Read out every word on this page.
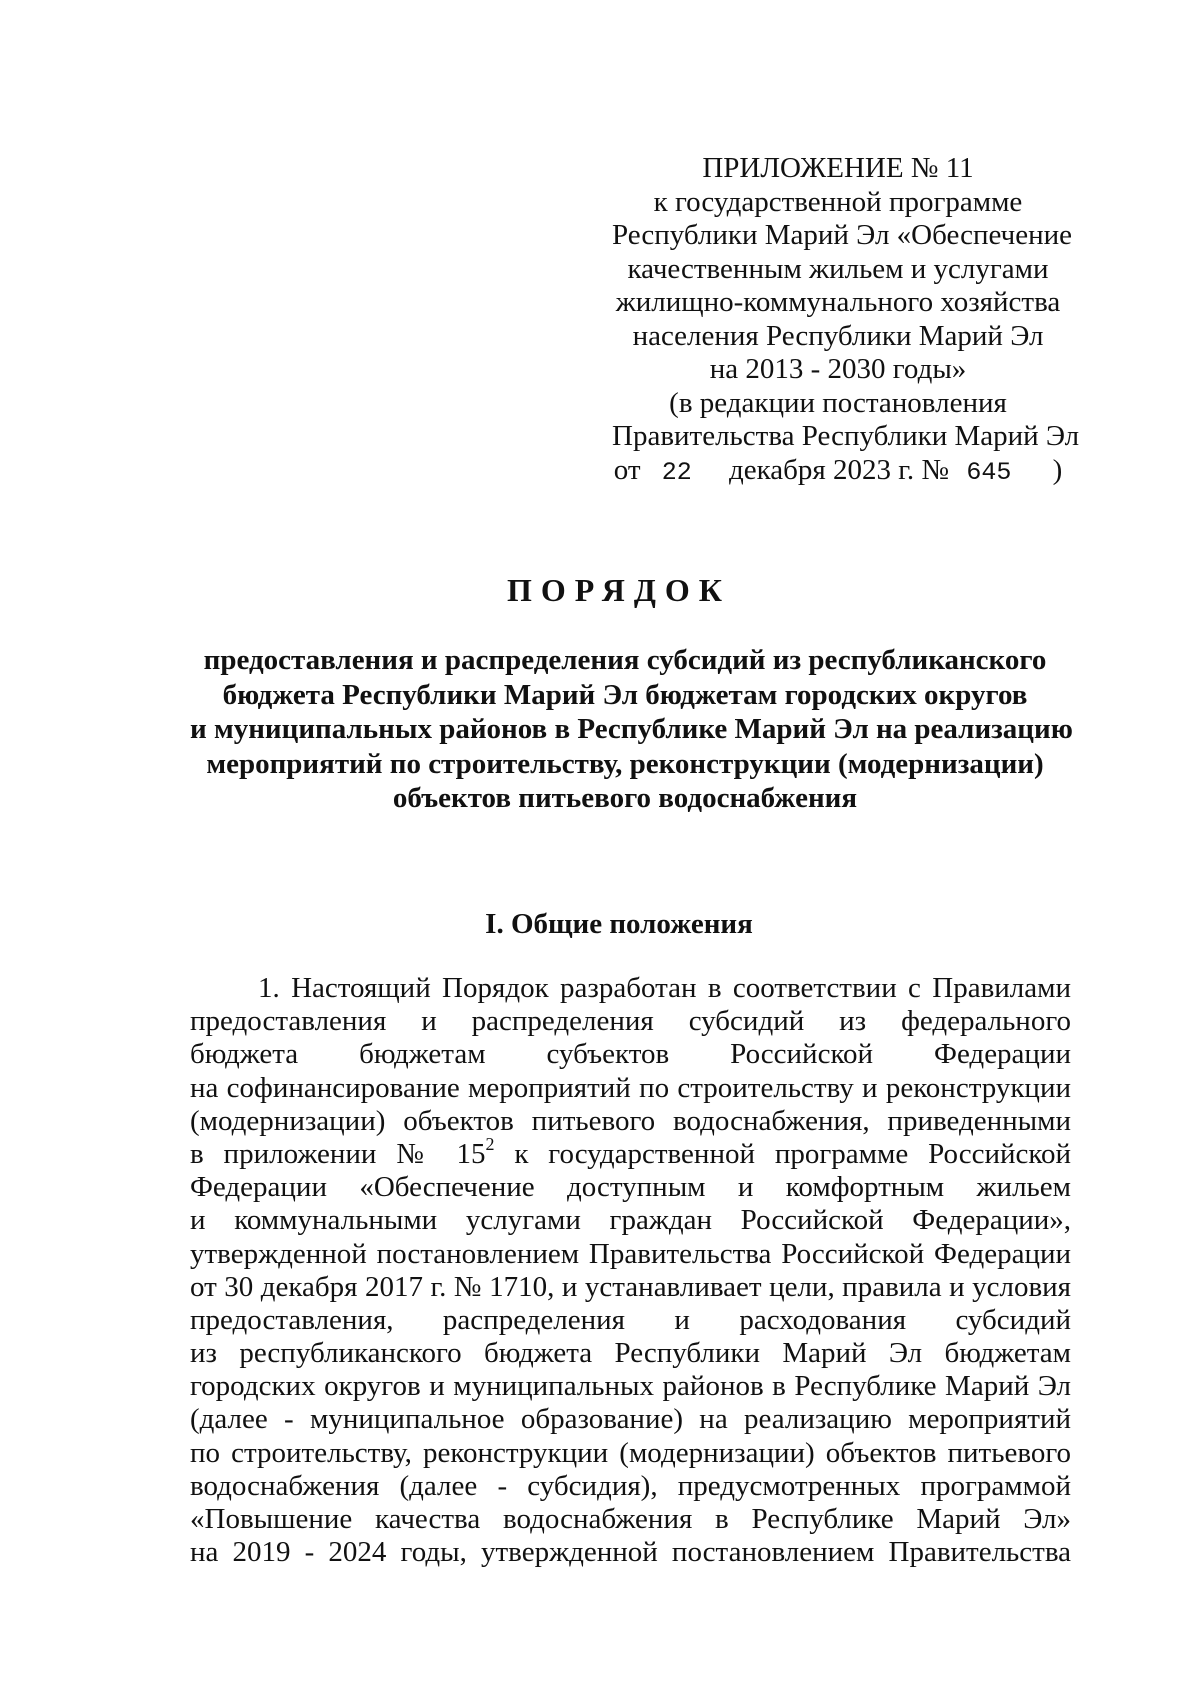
ПРИЛОЖЕНИЕ № 11
к государственной программе
Республики Марий Эл «Обеспечение
качественным жильем и услугами
жилищно-коммунального хозяйства
населения Республики Марий Эл
на 2013 - 2030 годы»
(в редакции постановления
Правительства Республики Марий Эл
от 22 декабря 2023 г. № 645 )
ПОРЯДОК
предоставления и распределения субсидий из республиканского
бюджета Республики Марий Эл бюджетам городских округов
и муниципальных районов в Республике Марий Эл на реализацию
мероприятий по строительству, реконструкции (модернизации)
объектов питьевого водоснабжения
I. Общие положения
1. Настоящий Порядок разработан в соответствии с Правилами
предоставления и распределения субсидий из федерального
бюджета бюджетам субъектов Российской Федерации
на софинансирование мероприятий по строительству и реконструкции
(модернизации) объектов питьевого водоснабжения, приведенными
в приложении № $15^2$ к государственной программе Российской
Федерации «Обеспечение доступным и комфортным жильем
и коммунальными услугами граждан Российской Федерации»,
утвержденной постановлением Правительства Российской Федерации
от 30 декабря 2017 г. № 1710, и устанавливает цели, правила и условия
предоставления, распределения и расходования субсидий
из республиканского бюджета Республики Марий Эл бюджетам
городских округов и муниципальных районов в Республике Марий Эл
(далее - муниципальное образование) на реализацию мероприятий
по строительству, реконструкции (модернизации) объектов питьевого
водоснабжения (далее - субсидия), предусмотренных программой
«Повышение качества водоснабжения в Республике Марий Эл»
на 2019 - 2024 годы, утвержденной постановлением Правительства
